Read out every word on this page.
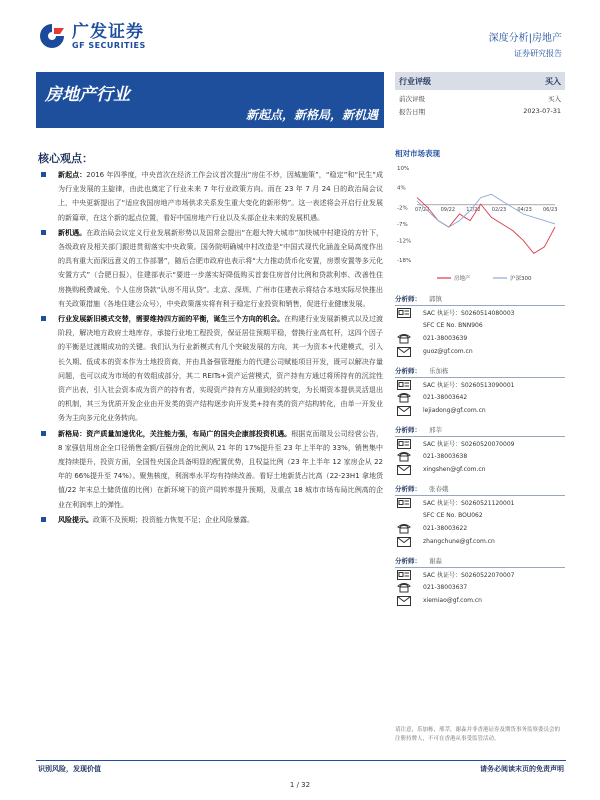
广发证券
GF SECURITIES
深度分析|房地产
证券研究报告
房地产行业
新起点，新格局，新机遇
行业评级	买入
前次评级	买入
报告日期	2023-07-31
核心观点：
新起点：2016 年四季度，中央首次在经济工作会议首次提出“房住不炒，因城施策”，“稳定”和“民生”成为行业发展的主旋律，由此也奠定了行业未来 7 年行业政策方向。而在 23 年 7 月 24 日的政治局会议上，中央更新提出了“适应我国房地产市场供求关系发生重大变化的新形势”。这一表述将会开启行业发展的新篇章，在这个新的起点位置，看好中国房地产行业以及头部企业未来的发展机遇。
新机遇。在政治局会议定义行业发展新形势以及国常会提出“在超大特大城市”加快城中村建设的方针下，各级政府及相关部门跟进贯彻落实中央政策。国务院明确城中村改造是“中国式现代化涵盖全局高度作出的具有重大而深远意义的工作部署”，随后合肥市政府也表示将“大力推动货币化安置，房票安置等多元化安置方式”（合肥日报），住建部表示“要进一步落实好降低购买首套住房首付比例和贷款利率、改善性住房换购税费减免、个人住房贷款“认房不用认贷”。北京、深圳、广州市住建表示将结合本地实际尽快推出有关政策措施（各地住建公众号），中央政策落实将有利于稳定行业投资和销售，促进行业健康发展。
行业发展新旧模式交替，需要维持四方面的平衡，诞生三个方向的机会。在构建行业发展新模式以及过渡阶段，解决地方政府土地库存，承接行业地工程投资，保证居住预期平稳，替换行业高杠杆，这四个因子的平衡是过渡期成功的关键。我们认为行业新模式有几个突破发展的方向，其一为资本+代建模式，引入长久期、低成本的资本作为土地投资商，并由具备强管理能力的代建公司赋能项目开发，既可以解决存量问题，也可以成为市场的有效组成部分，其二 REITs+资产运营模式，资产持有方通过将所持有的沉淀性资产出表，引入社会资本成为资产的持有者，实现资产持有方从重到轻的转变，为长期资本提供灵活退出的机制，其三为优质开发企业由开发类的资产结构逐步向开发类+持有类的资产结构转化，由单一开发业务为主向多元化业务转向。
新格局：资产质量加速优化，关注能力强，布局广的国央企康部投资机遇。根据克而瑞及公司经营公告，8 家强信用房企全口径销售金额/百强房企的比例从 21 年的 17%提升至 23 年上半年的 33%，销售集中度持续提升，投资方面，全国性央国企具备明显的配置优势，且权益比例（23 年上半年 12 家房企从 22 年的 66%提升至 74%）。聚焦核度，利润率水平均有持续改善。看好土地新货占比高（22-23H1 拿地货值/22 年末总土储货值的比例）在新环境下的资产周转率提升预期，及重点 18 城市市场布局比例高的企业在利润率上的弹性。
风险提示。政策不及预期；投资能力恢复不足；企业风险暴露。
相对市场表现
10%
4%
-2%
-7%
-12%
-18%
07/22 09/22 12/22 02/23 04/23 06/23
房地产	沪深300
分析师： 郭镇
SAC 执证号：S0260514080003
SFC CE No. BNN906
021-38003639
guoz@gf.com.cn
分析师： 乐加栋
SAC 执证号：S0260513090001
021-38003642
lejiadong@gf.com.cn
分析师： 邢莘
SAC 执证号：S0260520070009
021-38003638
xingshen@gf.com.cn
分析师： 张春娥
SAC 执证号：S0260521120001
SFC CE No. BOU062
021-38003622
zhangchune@gf.com.cn
分析师： 谢淼
SAC 执证号：S0260522070007
021-38003637
xiemiao@gf.com.cn
请注意，乐加栋，邢莘，谢淼并非香港证券及期货事务监察委员会的注册持牌人，不可在香港从事受监管活动。
识别风险，发现价值	请务必阅读末页的免责声明
1 / 32
